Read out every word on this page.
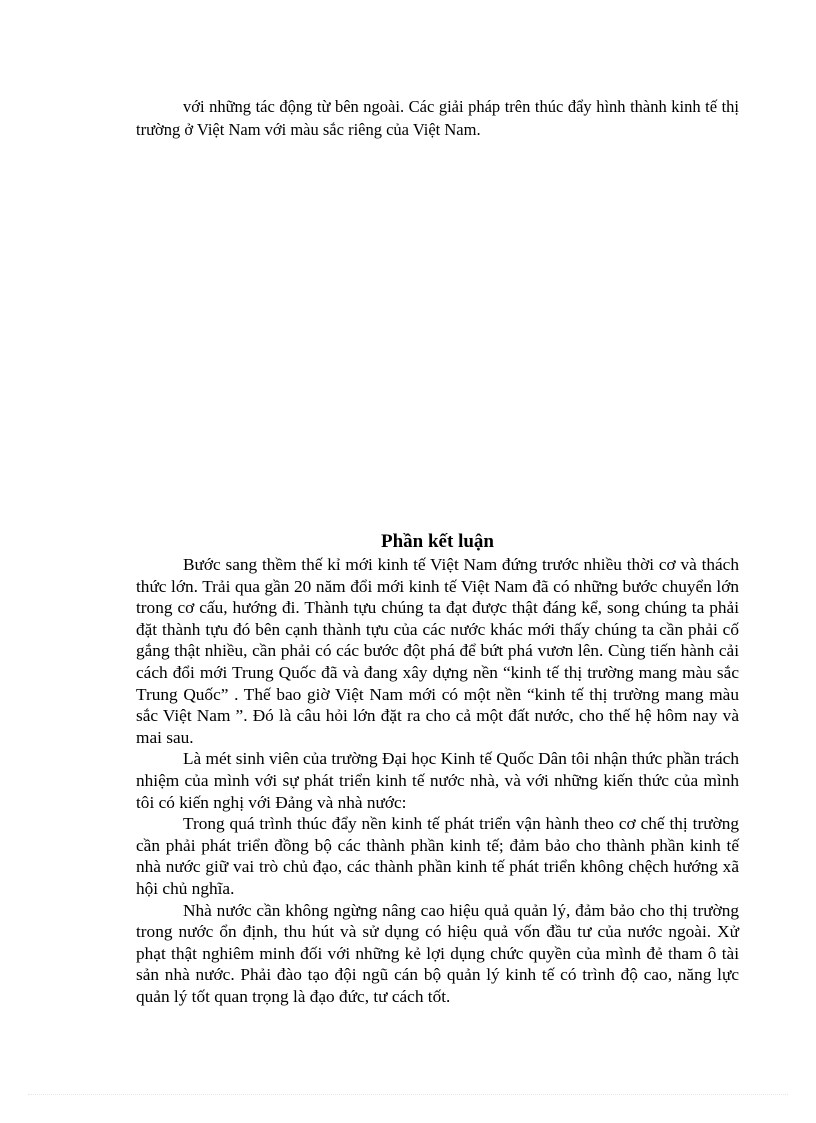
với những tác động từ bên ngoài. Các giải pháp trên thúc đẩy hình thành kinh tế thị trường ở Việt Nam với màu sắc riêng của Việt Nam.

Phần kết luận

Bước sang thềm thế kỉ mới kinh tế Việt Nam đứng trước nhiều thời cơ và thách thức lớn. Trải qua gần 20 năm đổi mới kinh tế Việt Nam đã có những bước chuyển lớn trong cơ cấu, hướng đi. Thành tựu chúng ta đạt được thật đáng kể, song chúng ta phải đặt thành tựu đó bên cạnh thành tựu của các nước khác mới thấy chúng ta cần phải cố gắng thật nhiều, cần phải có các bước đột phá để bứt phá vươn lên. Cùng tiến hành cải cách đổi mới Trung Quốc đã và đang xây dựng nền “kinh tế thị trường mang màu sắc Trung Quốc” . Thế bao giờ Việt Nam mới có một nền “kinh tế thị trường mang màu sắc Việt Nam ”. Đó là câu hỏi lớn đặt ra cho cả một đất nước, cho thế hệ hôm nay và mai sau.

Là mét sinh viên của trường Đại học Kinh tế Quốc Dân tôi nhận thức phần trách nhiệm của mình với sự phát triển kinh tế nước nhà, và với những kiến thức của mình tôi có kiến nghị với Đảng và nhà nước:

Trong quá trình thúc đẩy nền kinh tế phát triển vận hành theo cơ chế thị trường cần phải phát triển đồng bộ các thành phần kinh tế; đảm bảo cho thành phần kinh tế nhà nước giữ vai trò chủ đạo, các thành phần kinh tế phát triển không chệch hướng xã hội chủ nghĩa.

Nhà nước cần không ngừng nâng cao hiệu quả quản lý, đảm bảo cho thị trường trong nước ổn định, thu hút và sử dụng có hiệu quả vốn đầu tư của nước ngoài. Xử phạt thật nghiêm minh đối với những kẻ lợi dụng chức quyền của mình đẻ tham ô tài sản nhà nước. Phải đào tạo đội ngũ cán bộ quản lý kinh tế có trình độ cao, năng lực quản lý tốt quan trọng là đạo đức, tư cách tốt.
